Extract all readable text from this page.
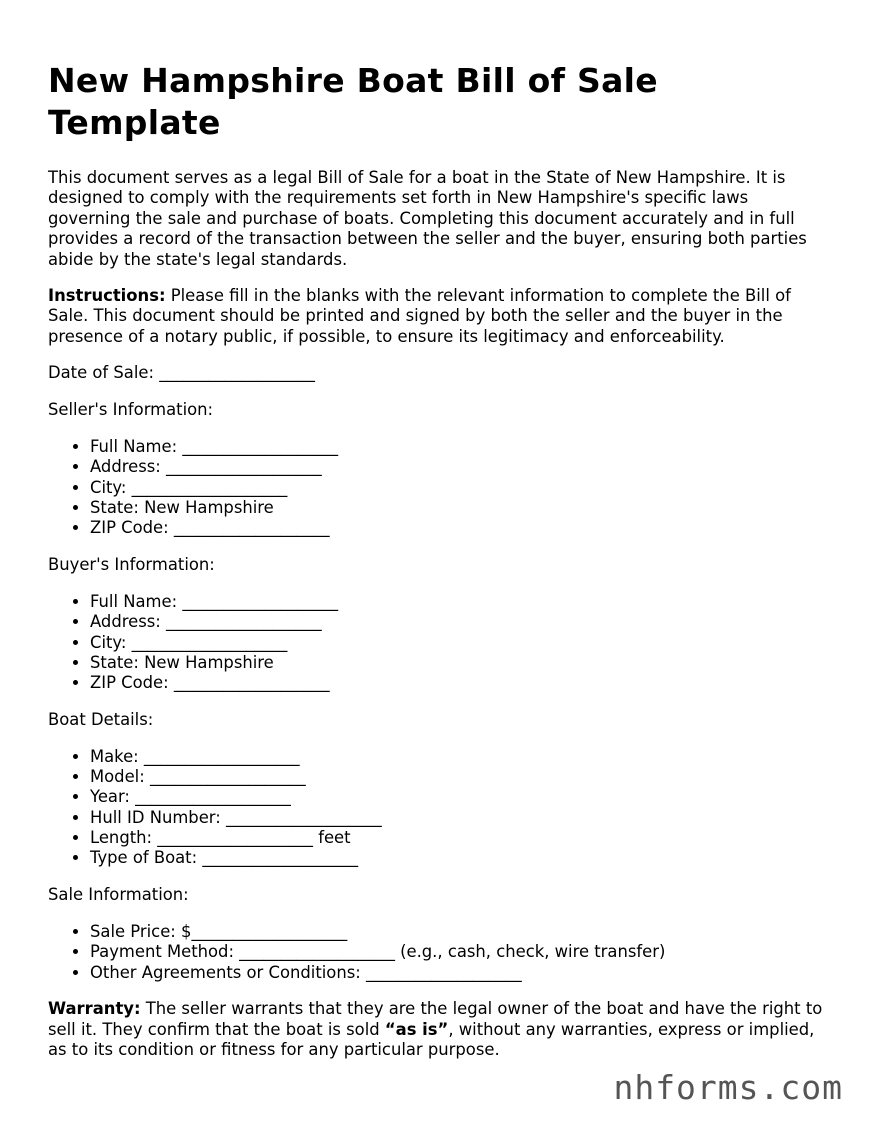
New Hampshire Boat Bill of Sale Template

This document serves as a legal Bill of Sale for a boat in the State of New Hampshire. It is designed to comply with the requirements set forth in New Hampshire's specific laws governing the sale and purchase of boats. Completing this document accurately and in full provides a record of the transaction between the seller and the buyer, ensuring both parties abide by the state's legal standards.

Instructions: Please fill in the blanks with the relevant information to complete the Bill of Sale. This document should be printed and signed by both the seller and the buyer in the presence of a notary public, if possible, to ensure its legitimacy and enforceability.

Date of Sale: ___________________
Seller's Information:
• Full Name: ___________________
• Address: ___________________
• City: ___________________
• State: New Hampshire
• ZIP Code: ___________________
Buyer's Information:
• Full Name: ___________________
• Address: ___________________
• City: ___________________
• State: New Hampshire
• ZIP Code: ___________________
Boat Details:
• Make: ___________________
• Model: ___________________
• Year: ___________________
• Hull ID Number: ___________________
• Length: ___________________ feet
• Type of Boat: ___________________
Sale Information:
• Sale Price: $___________________
• Payment Method: ___________________ (e.g., cash, check, wire transfer)
• Other Agreements or Conditions: ___________________

Warranty: The seller warrants that they are the legal owner of the boat and have the right to sell it. They confirm that the boat is sold “as is”, without any warranties, express or implied, as to its condition or fitness for any particular purpose.

nhforms.com
